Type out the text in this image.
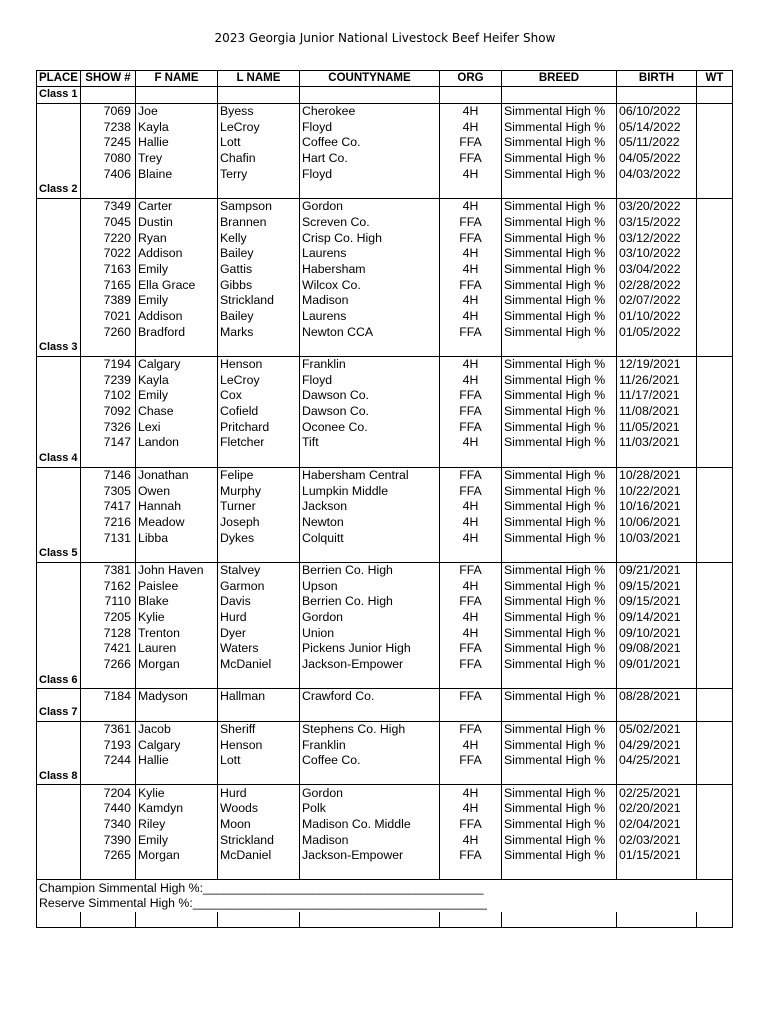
2023 Georgia Junior National Livestock Beef Heifer Show
PLACE	SHOW #	F NAME	L NAME	COUNTYNAME	ORG	BREED	BIRTH	WT
Class 1								
	7069	Joe	Byess	Cherokee	4H	Simmental High %	06/10/2022	
	7238	Kayla	LeCroy	Floyd	4H	Simmental High %	05/14/2022	
	7245	Hallie	Lott	Coffee Co.	FFA	Simmental High %	05/11/2022	
	7080	Trey	Chafin	Hart Co.	FFA	Simmental High %	04/05/2022	
	7406	Blaine	Terry	Floyd	4H	Simmental High %	04/03/2022	
Class 2								
	7349	Carter	Sampson	Gordon	4H	Simmental High %	03/20/2022	
	7045	Dustin	Brannen	Screven Co.	FFA	Simmental High %	03/15/2022	
	7220	Ryan	Kelly	Crisp Co. High	FFA	Simmental High %	03/12/2022	
	7022	Addison	Bailey	Laurens	4H	Simmental High %	03/10/2022	
	7163	Emily	Gattis	Habersham	4H	Simmental High %	03/04/2022	
	7165	Ella Grace	Gibbs	Wilcox Co.	FFA	Simmental High %	02/28/2022	
	7389	Emily	Strickland	Madison	4H	Simmental High %	02/07/2022	
	7021	Addison	Bailey	Laurens	4H	Simmental High %	01/10/2022	
	7260	Bradford	Marks	Newton CCA	FFA	Simmental High %	01/05/2022	
Class 3								
	7194	Calgary	Henson	Franklin	4H	Simmental High %	12/19/2021	
	7239	Kayla	LeCroy	Floyd	4H	Simmental High %	11/26/2021	
	7102	Emily	Cox	Dawson Co.	FFA	Simmental High %	11/17/2021	
	7092	Chase	Cofield	Dawson Co.	FFA	Simmental High %	11/08/2021	
	7326	Lexi	Pritchard	Oconee Co.	FFA	Simmental High %	11/05/2021	
	7147	Landon	Fletcher	Tift	4H	Simmental High %	11/03/2021	
Class 4								
	7146	Jonathan	Felipe	Habersham Central	FFA	Simmental High %	10/28/2021	
	7305	Owen	Murphy	Lumpkin Middle	FFA	Simmental High %	10/22/2021	
	7417	Hannah	Turner	Jackson	4H	Simmental High %	10/16/2021	
	7216	Meadow	Joseph	Newton	4H	Simmental High %	10/06/2021	
	7131	Libba	Dykes	Colquitt	4H	Simmental High %	10/03/2021	
Class 5								
	7381	John Haven	Stalvey	Berrien Co. High	FFA	Simmental High %	09/21/2021	
	7162	Paislee	Garmon	Upson	4H	Simmental High %	09/15/2021	
	7110	Blake	Davis	Berrien Co. High	FFA	Simmental High %	09/15/2021	
	7205	Kylie	Hurd	Gordon	4H	Simmental High %	09/14/2021	
	7128	Trenton	Dyer	Union	4H	Simmental High %	09/10/2021	
	7421	Lauren	Waters	Pickens Junior High	FFA	Simmental High %	09/08/2021	
	7266	Morgan	McDaniel	Jackson-Empower	FFA	Simmental High %	09/01/2021	
Class 6								
	7184	Madyson	Hallman	Crawford Co.	FFA	Simmental High %	08/28/2021	
Class 7								
	7361	Jacob	Sheriff	Stephens Co. High	FFA	Simmental High %	05/02/2021	
	7193	Calgary	Henson	Franklin	4H	Simmental High %	04/29/2021	
	7244	Hallie	Lott	Coffee Co.	FFA	Simmental High %	04/25/2021	
Class 8								
	7204	Kylie	Hurd	Gordon	4H	Simmental High %	02/25/2021	
	7440	Kamdyn	Woods	Polk	4H	Simmental High %	02/20/2021	
	7340	Riley	Moon	Madison Co. Middle	FFA	Simmental High %	02/04/2021	
	7390	Emily	Strickland	Madison	4H	Simmental High %	02/03/2021	
	7265	Morgan	McDaniel	Jackson-Empower	FFA	Simmental High %	01/15/2021	

Champion Simmental High %:_________________________________________								
Reserve Simmental High %:___________________________________________								
